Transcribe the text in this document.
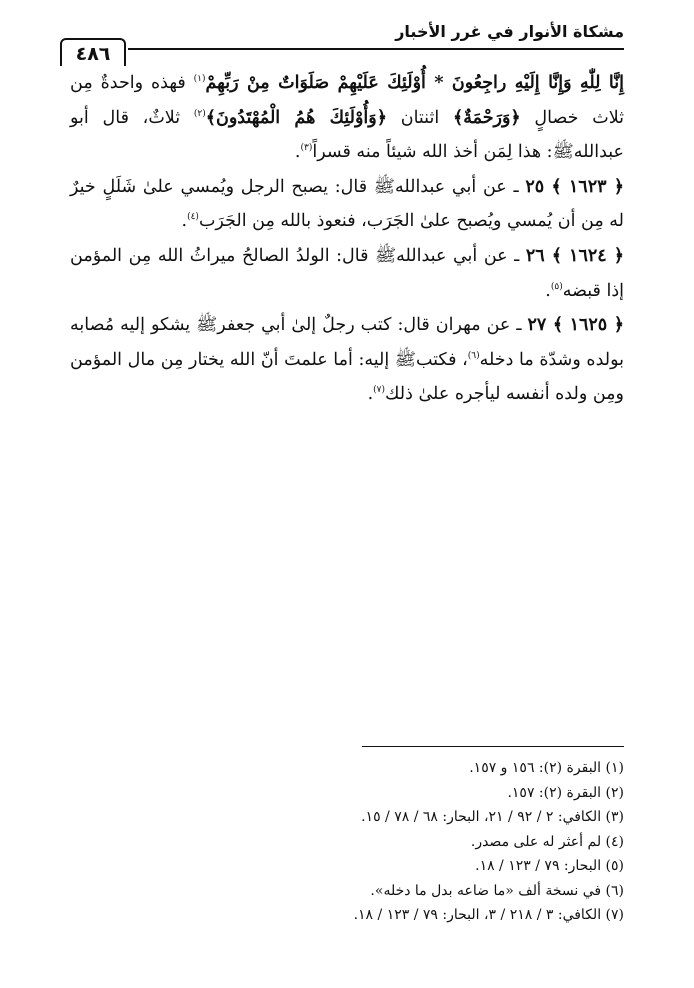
مشكاة الأنوار في غرر الأخبار
٤٨٦

إِنَّا لِلّٰهِ وَإِنَّا إِلَيْهِ راجِعُونَ * أُوْلَئِكَ عَلَيْهِمْ صَلَوَاتٌ مِنْ رَبِّهِمْ$^{(١)}$ فهذه واحدةٌ مِن ثلاث خصالٍ ﴿وَرَحْمَةٌ﴾ اثنتان ﴿وَأُوْلَئِكَ هُمُ الْمُهْتَدُونَ﴾$^{(٢)}$ ثلاثٌ، قال أبو عبدالله‏ﷺ: هذا لِمَن أخذ الله شيئاً منه قسراً$^{(٣)}$.

﴿ ١٦٢٣ ﴾ ٢٥ ـ عن أبي عبدالله‏ﷺ قال: يصبح الرجل ويُمسي علىٰ شَلَلٍ خيرٌ له مِن أن يُمسي ويُصبح علىٰ الجَرَب، فنعوذ بالله مِن الجَرَب$^{(٤)}$.

﴿ ١٦٢٤ ﴾ ٢٦ ـ عن أبي عبدالله‏ﷺ قال: الولدُ الصالحُ ميراثُ الله مِن المؤمن إذا قبضه$^{(٥)}$.

﴿ ١٦٢٥ ﴾ ٢٧ ـ عن مهران قال: كتب رجلٌ إلىٰ أبي جعفر‏ﷺ يشكو إليه مُصابه بولده وشدّة ما دخله$^{(٦)}$، فكتب‏ﷺ إليه: أما علمتَ أنّ الله يختار مِن مال المؤمن ومِن ولده أنفسه ليأجره علىٰ ذلك$^{(٧)}$.

(١) البقرة (٢): ١٥٦ و ١٥٧.

(٢) البقرة (٢): ١٥٧.

(٣) الكافي: ٢ / ٩٢ / ٢١، البحار: ٦٨ / ٧٨ / ١٥.

(٤) لم أعثر له على مصدر.

(٥) البحار: ٧٩ / ١٢٣ / ١٨.

(٦) في نسخة ألف «ما ضاعه بدل ما دخله».

(٧) الكافي: ٣ / ٢١٨ / ٣، البحار: ٧٩ / ١٢٣ / ١٨.
